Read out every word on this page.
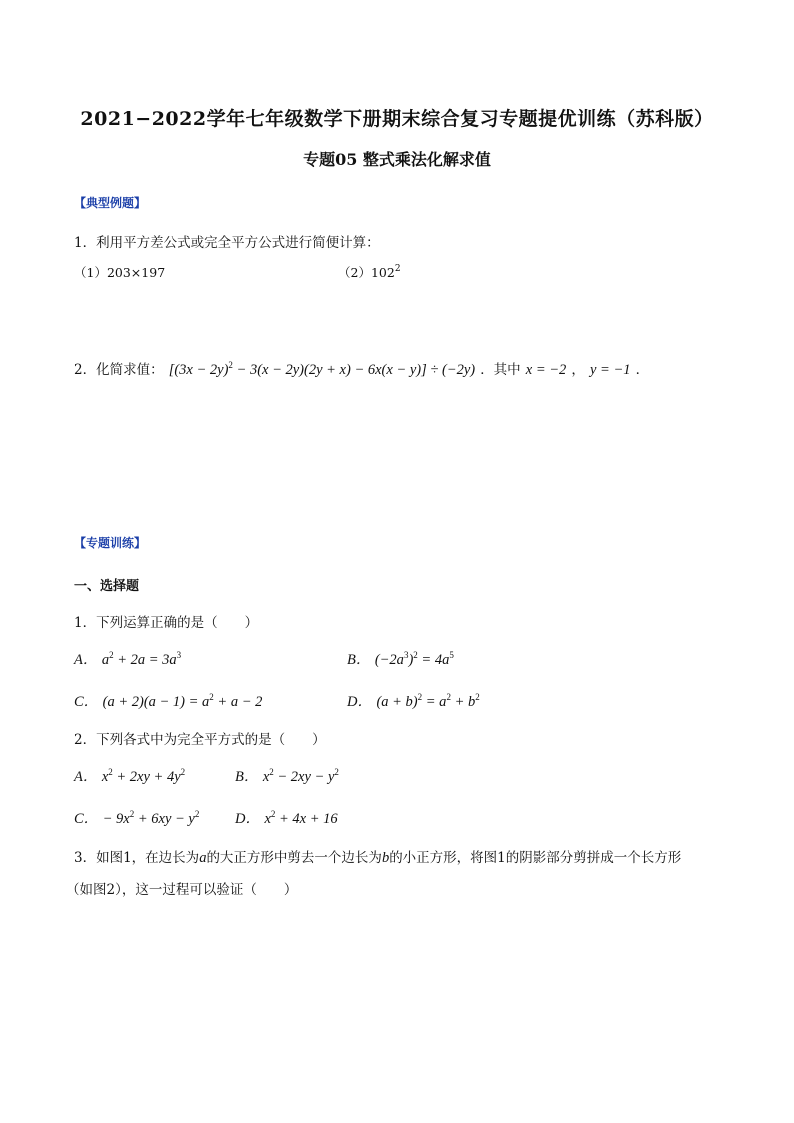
2021−2022学年七年级数学下册期末综合复习专题提优训练（苏科版）
专题05 整式乘法化解求值
【典型例题】
1．利用平方差公式或完全平方公式进行简便计算：
（1）203×197	$(2)102^2$
2．化简求值： $[(3x - 2y)^2 - 3(x - 2y)(2y + x) - 6x(x - y)] \div (-2y)$ ．其中 x = −2 ， y = −1 ．
【专题训练】
一、选择题
1．下列运算正确的是（　　）
A． $a^2 + 2a = 3a^3$	B． $(-2a^3)^2 = 4a^5$
C． $(a + 2)(a - 1) = a^2 + a - 2$	D． $(a + b)^2 = a^2 + b^2$
2．下列各式中为完全平方式的是（　　）
A． $x^2 + 2xy + 4y^2$	B． $x^2 - 2xy - y^2$
C． − $9x^2 + 6xy - y^2$ D． $x^2 + 4x + 16$
3．如图1，在边长为a的大正方形中剪去一个边长为b的小正方形，将图1的阴影部分剪拼成一个长方形
（如图2），这一过程可以验证（　　）
